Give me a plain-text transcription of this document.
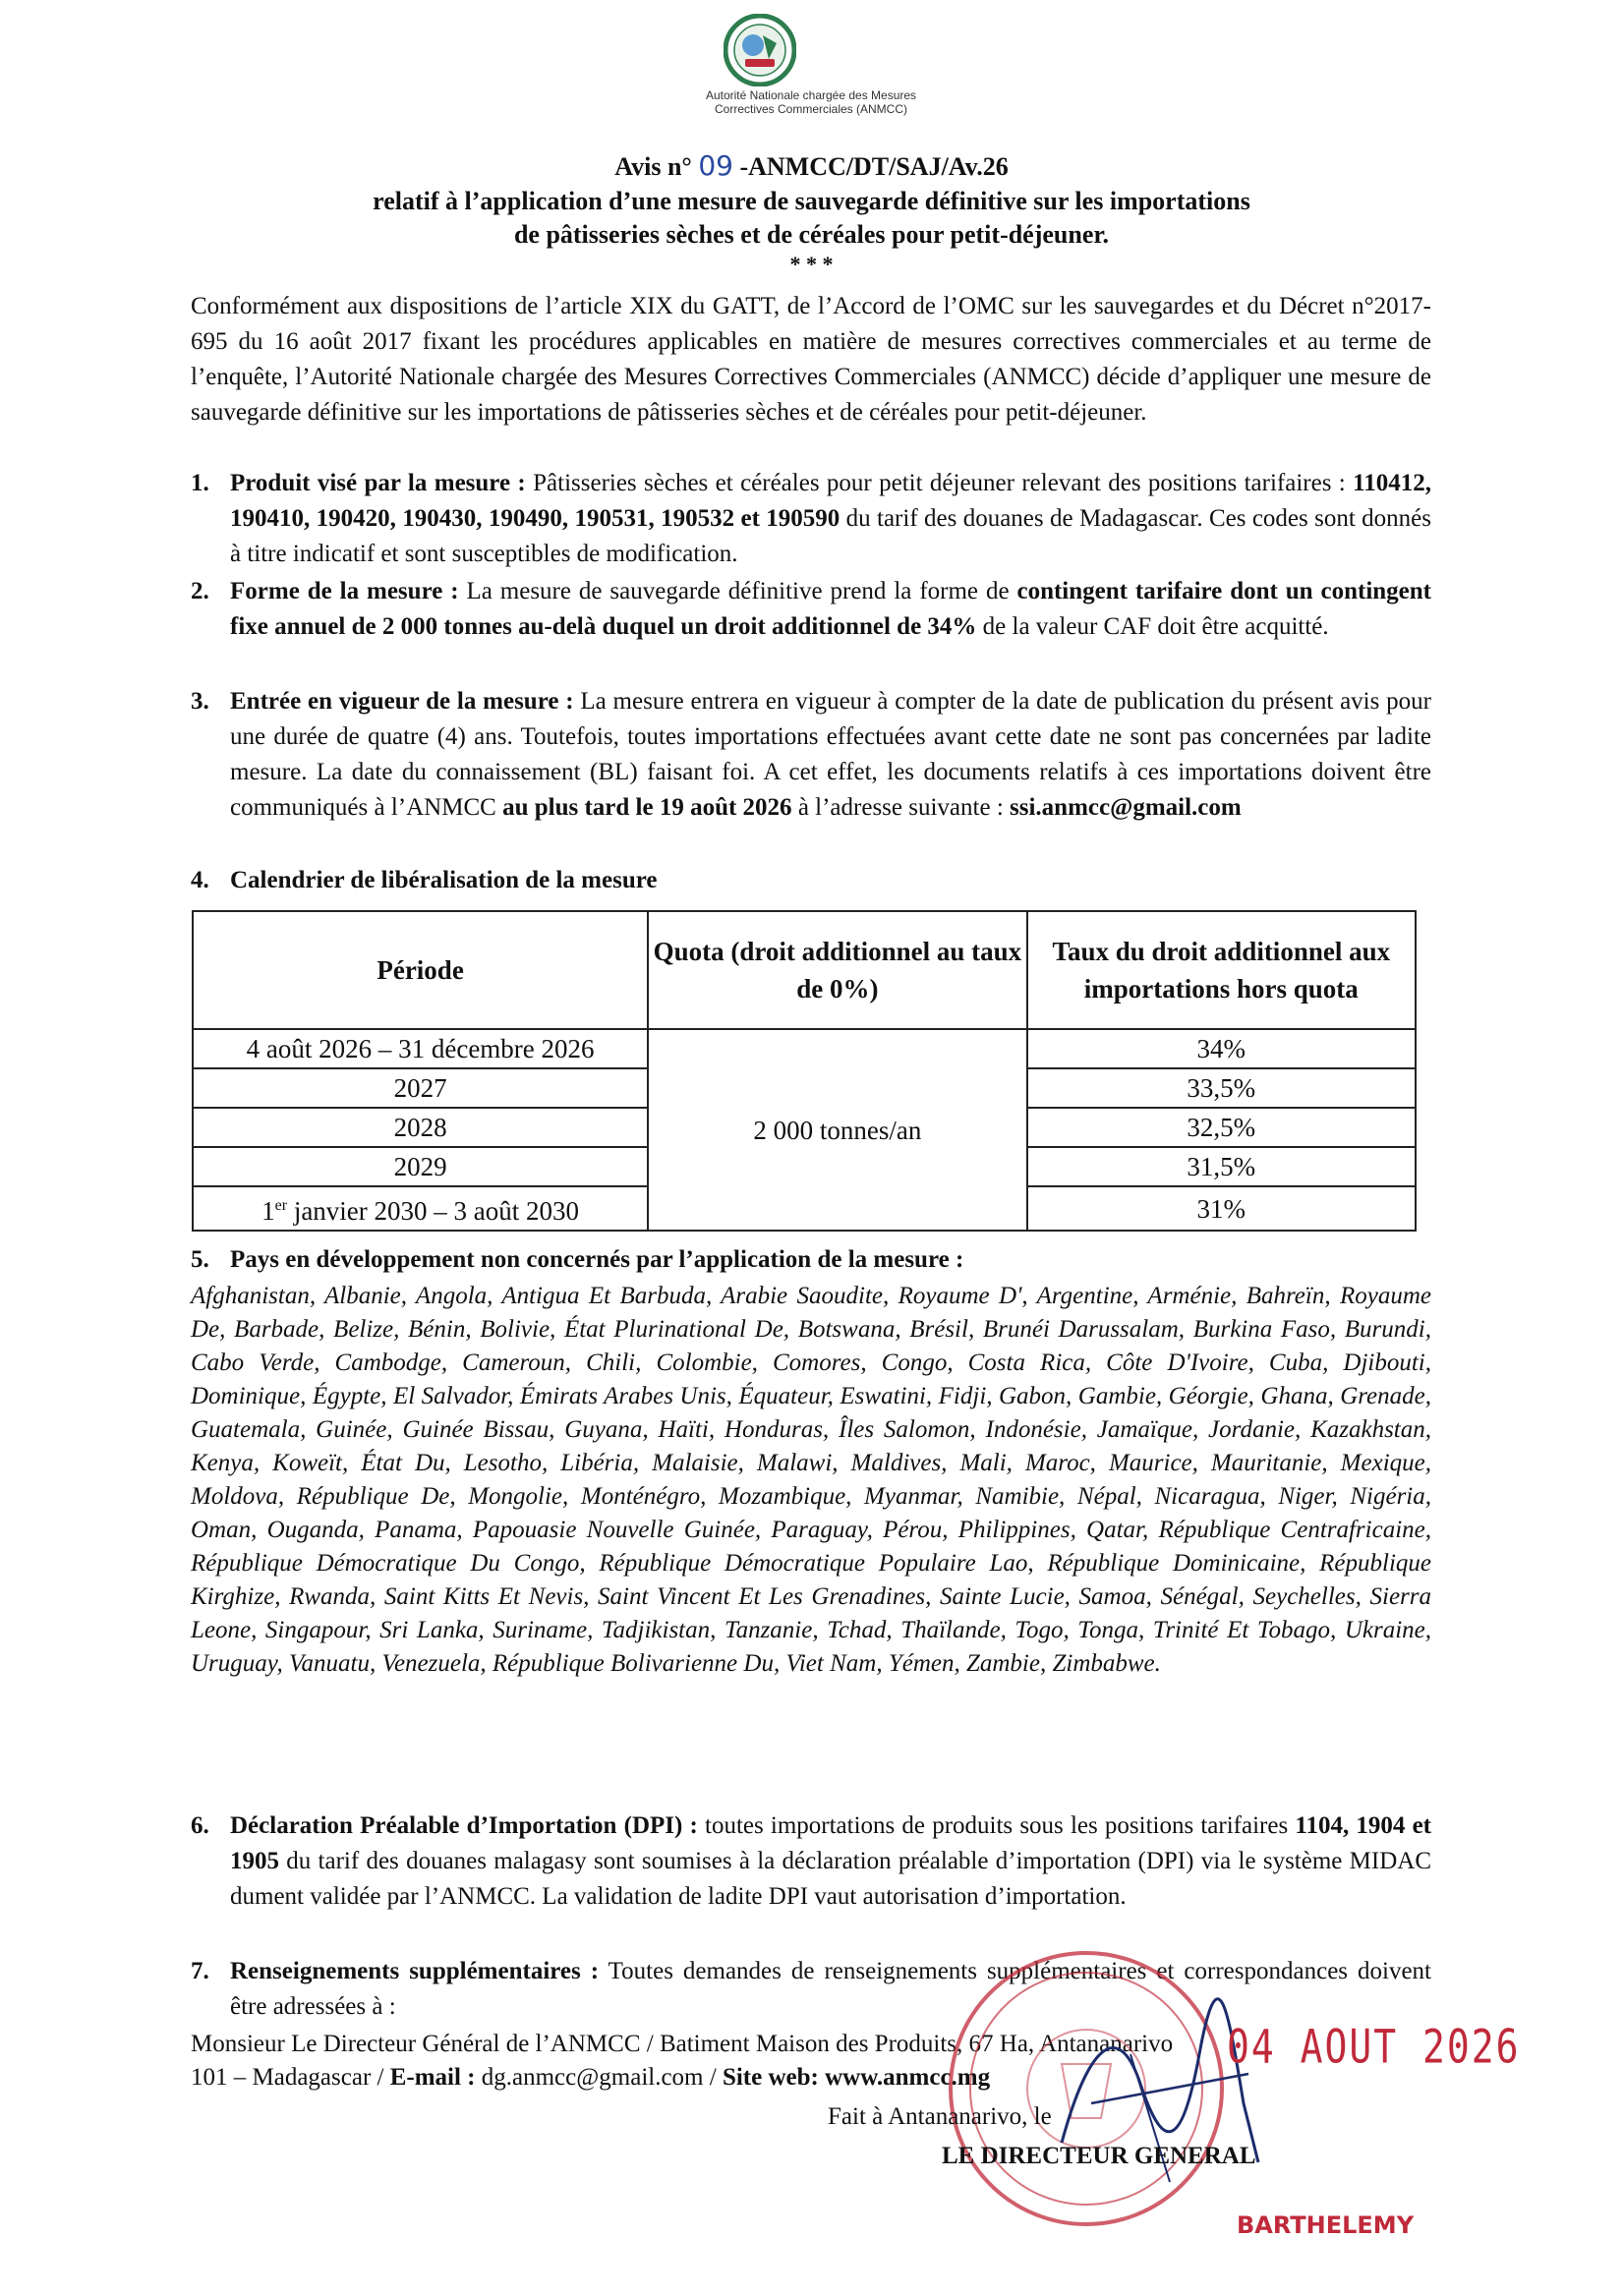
Autorité Nationale chargée des Mesures
Correctives Commerciales (ANMCC)
Avis n° 09 -ANMCC/DT/SAJ/Av.26
relatif à l’application d’une mesure de sauvegarde définitive sur les importations
de pâtisseries sèches et de céréales pour petit-déjeuner.
* * *
Conformément aux dispositions de l’article XIX du GATT, de l’Accord de l’OMC sur les sauvegardes et du Décret n°2017-695 du 16 août 2017 fixant les procédures applicables en matière de mesures correctives commerciales et au terme de l’enquête, l’Autorité Nationale chargée des Mesures Correctives Commerciales (ANMCC) décide d’appliquer une mesure de sauvegarde définitive sur les importations de pâtisseries sèches et de céréales pour petit-déjeuner.
1. Produit visé par la mesure : Pâtisseries sèches et céréales pour petit déjeuner relevant des positions tarifaires : 110412, 190410, 190420, 190430, 190490, 190531, 190532 et 190590 du tarif des douanes de Madagascar. Ces codes sont donnés à titre indicatif et sont susceptibles de modification.
2. Forme de la mesure : La mesure de sauvegarde définitive prend la forme de contingent tarifaire dont un contingent fixe annuel de 2 000 tonnes au-delà duquel un droit additionnel de 34% de la valeur CAF doit être acquitté.
3. Entrée en vigueur de la mesure : La mesure entrera en vigueur à compter de la date de publication du présent avis pour une durée de quatre (4) ans. Toutefois, toutes importations effectuées avant cette date ne sont pas concernées par ladite mesure. La date du connaissement (BL) faisant foi. A cet effet, les documents relatifs à ces importations doivent être communiqués à l’ANMCC au plus tard le 19 août 2026 à l’adresse suivante : ssi.anmcc@gmail.com
4. Calendrier de libéralisation de la mesure
Période	Quota (droit additionnel au taux de 0%)	Taux du droit additionnel aux importations hors quota
4 août 2026 – 31 décembre 2026	2 000 tonnes/an	34%
2027		33,5%
2028		32,5%
2029		31,5%
1er janvier 2030 – 3 août 2030		31%
5. Pays en développement non concernés par l’application de la mesure :
Afghanistan, Albanie, Angola, Antigua Et Barbuda, Arabie Saoudite, Royaume D', Argentine, Arménie, Bahreïn, Royaume De, Barbade, Belize, Bénin, Bolivie, État Plurinational De, Botswana, Brésil, Brunéi Darussalam, Burkina Faso, Burundi, Cabo Verde, Cambodge, Cameroun, Chili, Colombie, Comores, Congo, Costa Rica, Côte D'Ivoire, Cuba, Djibouti, Dominique, Égypte, El Salvador, Émirats Arabes Unis, Équateur, Eswatini, Fidji, Gabon, Gambie, Géorgie, Ghana, Grenade, Guatemala, Guinée, Guinée Bissau, Guyana, Haïti, Honduras, Îles Salomon, Indonésie, Jamaïque, Jordanie, Kazakhstan, Kenya, Koweït, État Du, Lesotho, Libéria, Malaisie, Malawi, Maldives, Mali, Maroc, Maurice, Mauritanie, Mexique, Moldova, République De, Mongolie, Monténégro, Mozambique, Myanmar, Namibie, Népal, Nicaragua, Niger, Nigéria, Oman, Ouganda, Panama, Papouasie Nouvelle Guinée, Paraguay, Pérou, Philippines, Qatar, République Centrafricaine, République Démocratique Du Congo, République Démocratique Populaire Lao, République Dominicaine, République Kirghize, Rwanda, Saint Kitts Et Nevis, Saint Vincent Et Les Grenadines, Sainte Lucie, Samoa, Sénégal, Seychelles, Sierra Leone, Singapour, Sri Lanka, Suriname, Tadjikistan, Tanzanie, Tchad, Thaïlande, Togo, Tonga, Trinité Et Tobago, Ukraine, Uruguay, Vanuatu, Venezuela, République Bolivarienne Du, Viet Nam, Yémen, Zambie, Zimbabwe.
6. Déclaration Préalable d’Importation (DPI) : toutes importations de produits sous les positions tarifaires 1104, 1904 et 1905 du tarif des douanes malagasy sont soumises à la déclaration préalable d’importation (DPI) via le système MIDAC dument validée par l’ANMCC. La validation de ladite DPI vaut autorisation d’importation.
7. Renseignements supplémentaires : Toutes demandes de renseignements supplémentaires et correspondances doivent être adressées à :
Monsieur Le Directeur Général de l’ANMCC / Batiment Maison des Produits, 67 Ha, Antananarivo
101 – Madagascar / E-mail : dg.anmcc@gmail.com / Site web: www.anmcc.mg
Fait à Antananarivo, le
04 AOUT 2026
LE DIRECTEUR GENERAL
BARTHELEMY
